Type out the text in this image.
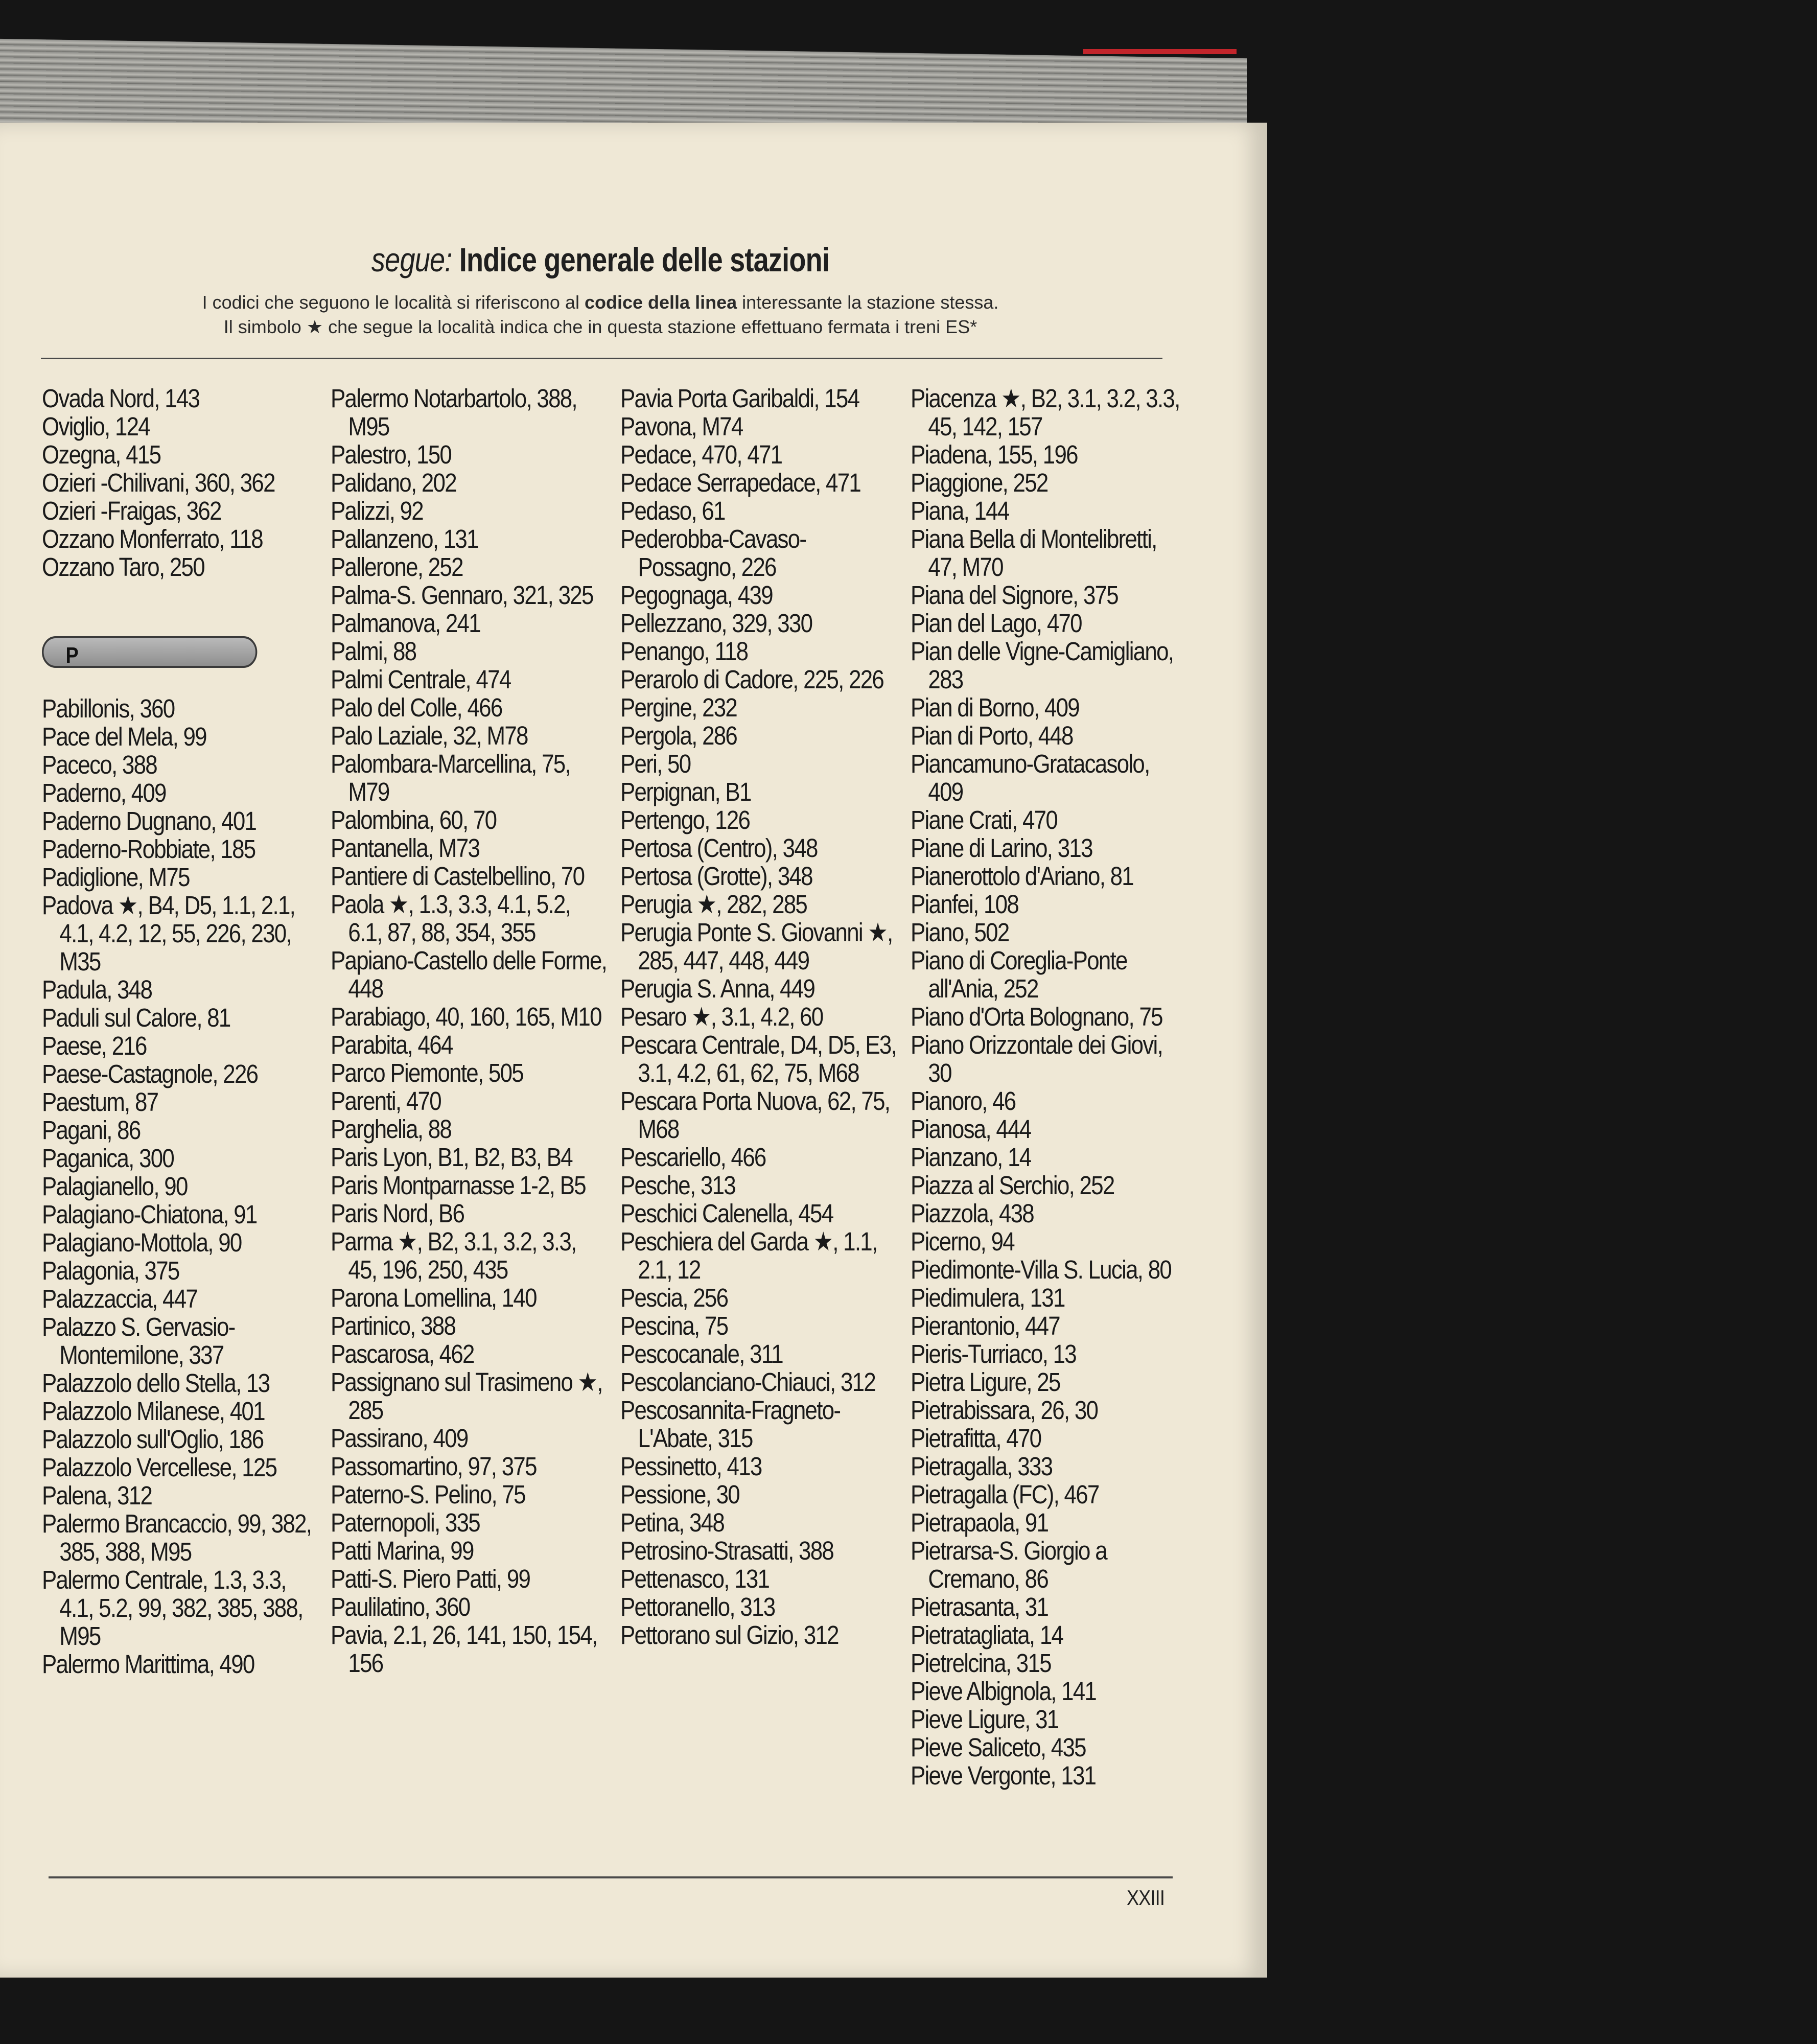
segue: Indice generale delle stazioni
I codici che seguono le località si riferiscono al codice della linea interessante la stazione stessa.
Il simbolo ★ che segue la località indica che in questa stazione effettuano fermata i treni ES*

Ovada Nord, 143

Oviglio, 124

Ozegna, 415

Ozieri -Chilivani, 360, 362

Ozieri -Fraigas, 362

Ozzano Monferrato, 118

Ozzano Taro, 250

P

Pabillonis, 360

Pace del Mela, 99

Paceco, 388

Paderno, 409

Paderno Dugnano, 401

Paderno-Robbiate, 185

Padiglione, M75

Padova ★, B4, D5, 1.1, 2.1, 4.1, 4.2, 12, 55, 226, 230, M35

Padula, 348

Paduli sul Calore, 81

Paese, 216

Paese-Castagnole, 226

Paestum, 87

Pagani, 86

Paganica, 300

Palagianello, 90

Palagiano-Chiatona, 91

Palagiano-Mottola, 90

Palagonia, 375

Palazzaccia, 447

Palazzo S. Gervasio-Montemilone, 337

Palazzolo dello Stella, 13

Palazzolo Milanese, 401

Palazzolo sull'Oglio, 186

Palazzolo Vercellese, 125

Palena, 312

Palermo Brancaccio, 99, 382, 385, 388, M95

Palermo Centrale, 1.3, 3.3, 4.1, 5.2, 99, 382, 385, 388, M95

Palermo Marittima, 490

Palermo Notarbartolo, 388, M95

Palestro, 150

Palidano, 202

Palizzi, 92

Pallanzeno, 131

Pallerone, 252

Palma-S. Gennaro, 321, 325

Palmanova, 241

Palmi, 88

Palmi Centrale, 474

Palo del Colle, 466

Palo Laziale, 32, M78

Palombara-Marcellina, 75, M79

Palombina, 60, 70

Pantanella, M73

Pantiere di Castelbellino, 70

Paola ★, 1.3, 3.3, 4.1, 5.2, 6.1, 87, 88, 354, 355

Papiano-Castello delle Forme, 448

Parabiago, 40, 160, 165, M10

Parabita, 464

Parco Piemonte, 505

Parenti, 470

Parghelia, 88

Paris Lyon, B1, B2, B3, B4

Paris Montparnasse 1-2, B5

Paris Nord, B6

Parma ★, B2, 3.1, 3.2, 3.3, 45, 196, 250, 435

Parona Lomellina, 140

Partinico, 388

Pascarosa, 462

Passignano sul Trasimeno ★, 285

Passirano, 409

Passomartino, 97, 375

Paterno-S. Pelino, 75

Paternopoli, 335

Patti Marina, 99

Patti-S. Piero Patti, 99

Paulilatino, 360

Pavia, 2.1, 26, 141, 150, 154, 156

Pavia Porta Garibaldi, 154

Pavona, M74

Pedace, 470, 471

Pedace Serrapedace, 471

Pedaso, 61

Pederobba-Cavaso-Possagno, 226

Pegognaga, 439

Pellezzano, 329, 330

Penango, 118

Perarolo di Cadore, 225, 226

Pergine, 232

Pergola, 286

Peri, 50

Perpignan, B1

Pertengo, 126

Pertosa (Centro), 348

Pertosa (Grotte), 348

Perugia ★, 282, 285

Perugia Ponte S. Giovanni ★, 285, 447, 448, 449

Perugia S. Anna, 449

Pesaro ★, 3.1, 4.2, 60

Pescara Centrale, D4, D5, E3, 3.1, 4.2, 61, 62, 75, M68

Pescara Porta Nuova, 62, 75, M68

Pescariello, 466

Pesche, 313

Peschici Calenella, 454

Peschiera del Garda ★, 1.1, 2.1, 12

Pescia, 256

Pescina, 75

Pescocanale, 311

Pescolanciano-Chiauci, 312

Pescosannita-Fragneto-L'Abate, 315

Pessinetto, 413

Pessione, 30

Petina, 348

Petrosino-Strasatti, 388

Pettenasco, 131

Pettoranello, 313

Pettorano sul Gizio, 312

Piacenza ★, B2, 3.1, 3.2, 3.3, 45, 142, 157

Piadena, 155, 196

Piaggione, 252

Piana, 144

Piana Bella di Montelibretti, 47, M70

Piana del Signore, 375

Pian del Lago, 470

Pian delle Vigne-Camigliano, 283

Pian di Borno, 409

Pian di Porto, 448

Piancamuno-Gratacasolo, 409

Piane Crati, 470

Piane di Larino, 313

Pianerottolo d'Ariano, 81

Pianfei, 108

Piano, 502

Piano di Coreglia-Ponte all'Ania, 252

Piano d'Orta Bolognano, 75

Piano Orizzontale dei Giovi, 30

Pianoro, 46

Pianosa, 444

Pianzano, 14

Piazza al Serchio, 252

Piazzola, 438

Picerno, 94

Piedimonte-Villa S. Lucia, 80

Piedimulera, 131

Pierantonio, 447

Pieris-Turriaco, 13

Pietra Ligure, 25

Pietrabissara, 26, 30

Pietrafitta, 470

Pietragalla, 333

Pietragalla (FC), 467

Pietrapaola, 91

Pietrarsa-S. Giorgio a Cremano, 86

Pietrasanta, 31

Pietratagliata, 14

Pietrelcina, 315

Pieve Albignola, 141

Pieve Ligure, 31

Pieve Saliceto, 435

Pieve Vergonte, 131

XXIII
